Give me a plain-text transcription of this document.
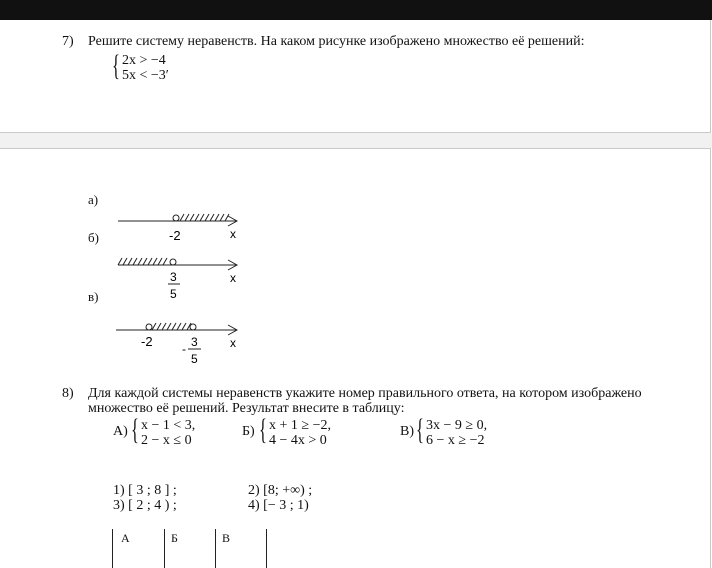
7) Решите систему неравенств. На каком рисунке изображено множество её решений:
{ 2x > −4
5x < −3′
а)
б)
в)
-2	x
3
5
x
-2 - 3
5
x
8) Для каждой системы неравенств укажите номер правильного ответа, на котором изображено
множество её решений. Результат внесите в таблицу:
А) { x − 1 < 3,
2 − x ≤ 0
Б) { x + 1 ≥ −2,
4 − 4x > 0
В) { 3x − 9 ≥ 0,
6 − x ≥ −2
1) [ 3 ; 8 ] ;	2) [8; +∞) ;
3) [ 2 ; 4 ) ;	4) [− 3 ; 1)
А	Б	В
